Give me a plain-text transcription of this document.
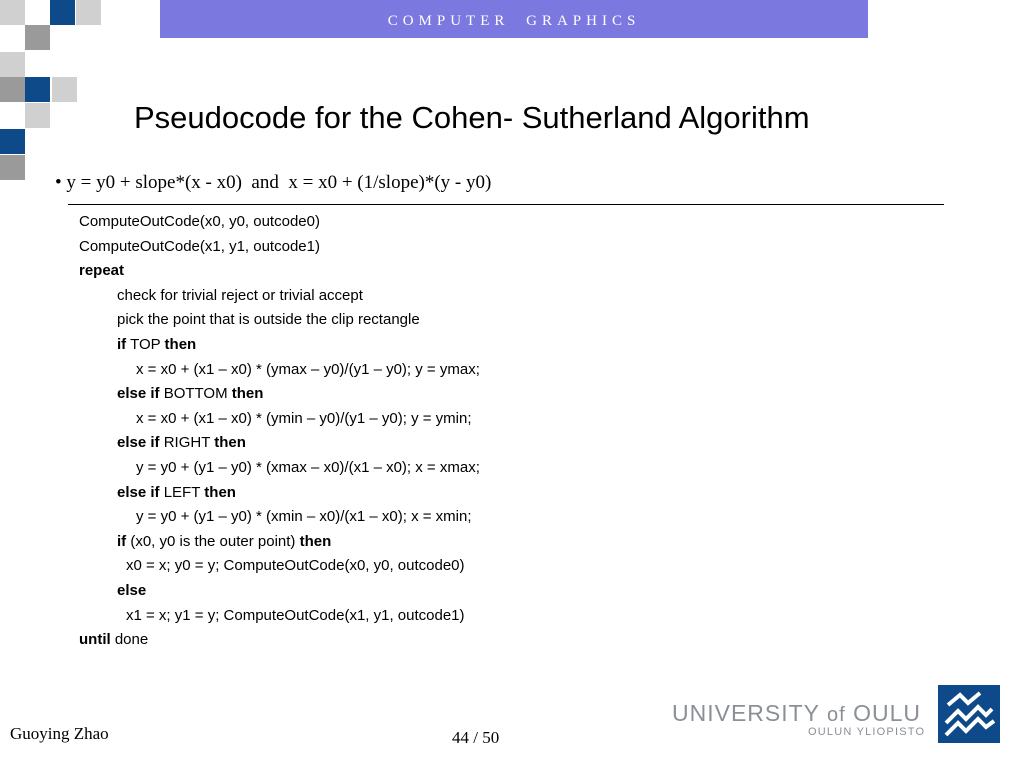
COMPUTER GRAPHICS
Pseudocode for the Cohen- Sutherland Algorithm
• y = y0 + slope*(x - x0)  and  x = x0 + (1/slope)*(y - y0)
ComputeOutCode(x0, y0, outcode0)
ComputeOutCode(x1, y1, outcode1)
repeat
check for trivial reject or trivial accept
pick the point that is outside the clip rectangle
if TOP then
x = x0 + (x1 – x0) * (ymax – y0)/(y1 – y0); y = ymax;
else if BOTTOM then
x = x0 + (x1 – x0) * (ymin – y0)/(y1 – y0); y = ymin;
else if RIGHT then
y = y0 + (y1 – y0) * (xmax – x0)/(x1 – x0); x = xmax;
else if LEFT then
y = y0 + (y1 – y0) * (xmin – x0)/(x1 – x0); x = xmin;
if (x0, y0 is the outer point) then
x0 = x; y0 = y; ComputeOutCode(x0, y0, outcode0)
else
x1 = x; y1 = y; ComputeOutCode(x1, y1, outcode1)
until done
Guoying Zhao	44 / 50
UNIVERSITY of OULU
OULUN YLIOPISTO
